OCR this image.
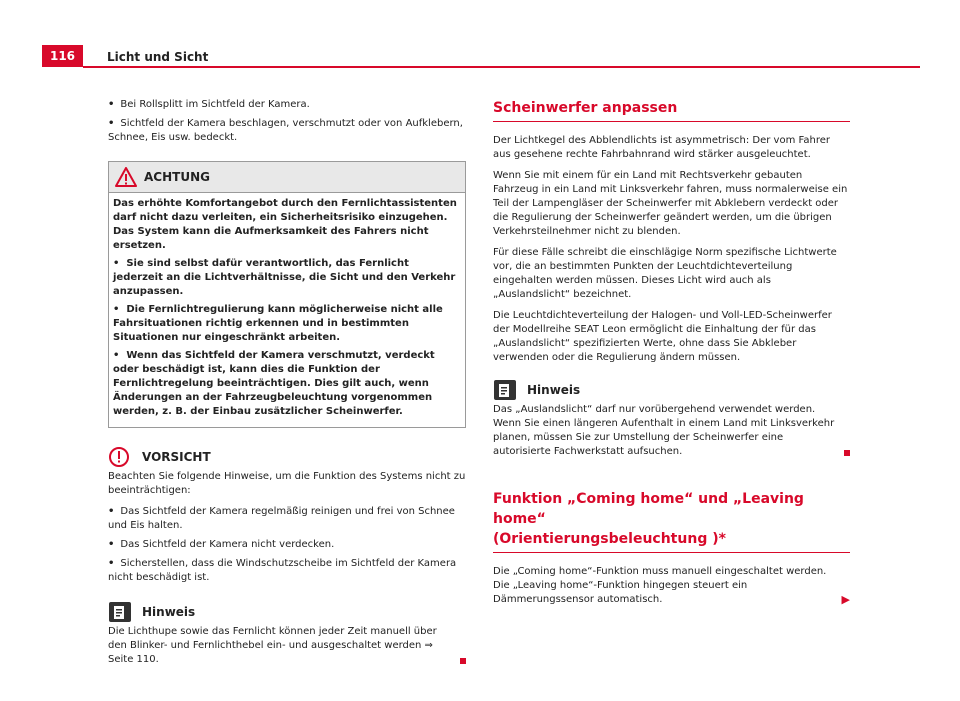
116	Licht und Sicht
• Bei Rollsplitt im Sichtfeld der Kamera.
• Sichtfeld der Kamera beschlagen, verschmutzt oder von Aufklebern, Schnee, Eis usw. bedeckt.
ACHTUNG

Das erhöhte Komfortangebot durch den Fernlichtassistenten darf nicht dazu verleiten, ein Sicherheitsrisiko einzugehen. Das System kann die Aufmerksamkeit des Fahrers nicht ersetzen.

•  Sie sind selbst dafür verantwortlich, das Fernlicht jederzeit an die Lichtverhältnisse, die Sicht und den Verkehr anzupassen.

•  Die Fernlichtregulierung kann möglicherweise nicht alle Fahrsituationen richtig erkennen und in bestimmten Situationen nur eingeschränkt arbeiten.

•  Wenn das Sichtfeld der Kamera verschmutzt, verdeckt oder beschädigt ist, kann dies die Funktion der Fernlichtregelung beeinträchtigen. Dies gilt auch, wenn Änderungen an der Fahrzeugbeleuchtung vorgenommen werden, z. B. der Einbau zusätzlicher Scheinwerfer.

VORSICHT

Beachten Sie folgende Hinweise, um die Funktion des Systems nicht zu beeinträchtigen:

• Das Sichtfeld der Kamera regelmäßig reinigen und frei von Schnee und Eis halten.
• Das Sichtfeld der Kamera nicht verdecken.
• Sicherstellen, dass die Windschutzscheibe im Sichtfeld der Kamera nicht beschädigt ist.
Hinweis

Die Lichthupe sowie das Fernlicht können jeder Zeit manuell über den Blinker- und Fernlichthebel ein- und ausgeschaltet werden ⇒ Seite 110.

Scheinwerfer anpassen

Der Lichtkegel des Abblendlichts ist asymmetrisch: Der vom Fahrer aus gesehene rechte Fahrbahnrand wird stärker ausgeleuchtet.

Wenn Sie mit einem für ein Land mit Rechtsverkehr gebauten Fahrzeug in ein Land mit Linksverkehr fahren, muss normalerweise ein Teil der Lampengläser der Scheinwerfer mit Abklebern verdeckt oder die Regulierung der Scheinwerfer geändert werden, um die übrigen Verkehrsteilnehmer nicht zu blenden.

Für diese Fälle schreibt die einschlägige Norm spezifische Lichtwerte vor, die an bestimmten Punkten der Leuchtdichteverteilung eingehalten werden müssen. Dieses Licht wird auch als „Auslandslicht“ bezeichnet.

Die Leuchtdichteverteilung der Halogen- und Voll-LED-Scheinwerfer der Modellreihe SEAT Leon ermöglicht die Einhaltung der für das „Auslandslicht“ spezifizierten Werte, ohne dass Sie Abkleber verwenden oder die Regulierung ändern müssen.

Hinweis

Das „Auslandslicht“ darf nur vorübergehend verwendet werden. Wenn Sie einen längeren Aufenthalt in einem Land mit Linksverkehr planen, müssen Sie zur Umstellung der Scheinwerfer eine autorisierte Fachwerkstatt aufsuchen.

Funktion „Coming home“ und „Leaving home“
(Orientierungsbeleuchtung )*

Die „Coming home“-Funktion muss manuell eingeschaltet werden. Die „Leaving home“-Funktion hingegen steuert ein Dämmerungssensor automatisch.	▶
